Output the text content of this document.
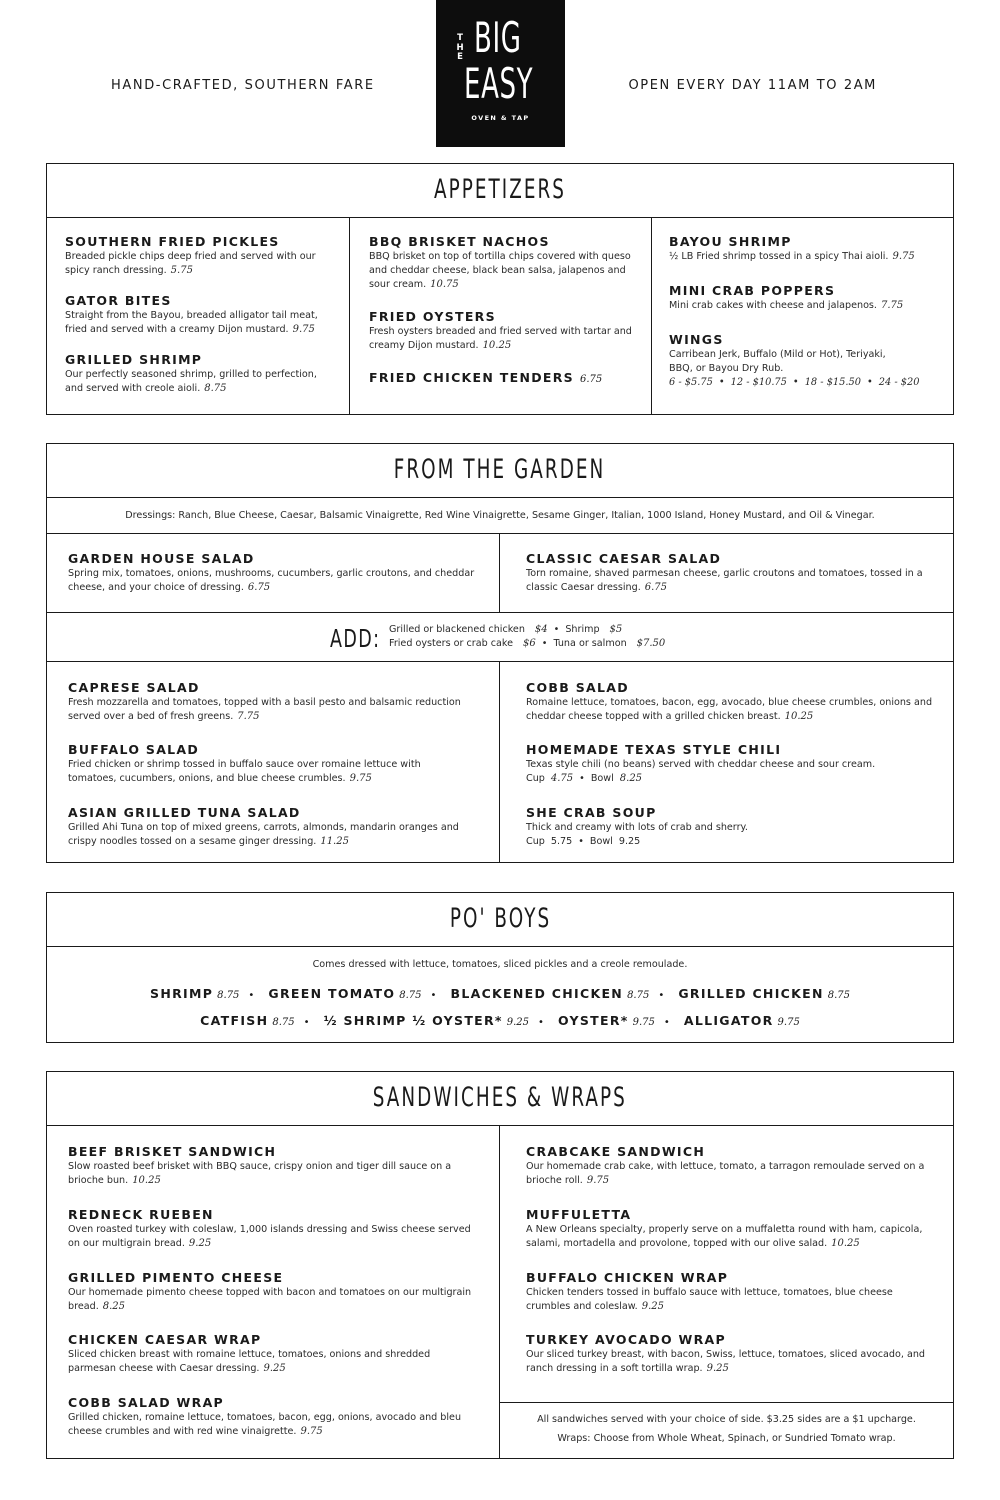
HAND-CRAFTED, SOUTHERN FARE
T
H
E BIG
EASY
OVEN & TAP
OPEN EVERY DAY 11AM TO 2AM
APPETIZERS
SOUTHERN FRIED PICKLES
Breaded pickle chips deep fried and served with our spicy ranch dressing. 5.75
GATOR BITES
Straight from the Bayou, breaded alligator tail meat, fried and served with a creamy Dijon mustard. 9.75
GRILLED SHRIMP
Our perfectly seasoned shrimp, grilled to perfection, and served with creole aioli. 8.75
BBQ BRISKET NACHOS
BBQ brisket on top of tortilla chips covered with queso and cheddar cheese, black bean salsa, jalapenos and sour cream. 10.75
FRIED OYSTERS
Fresh oysters breaded and fried served with tartar and creamy Dijon mustard. 10.25
FRIED CHICKEN TENDERS 6.75
BAYOU SHRIMP
½ LB Fried shrimp tossed in a spicy Thai aioli. 9.75
MINI CRAB POPPERS
Mini crab cakes with cheese and jalapenos. 7.75
WINGS
Carribean Jerk, Buffalo (Mild or Hot), Teriyaki, BBQ, or Bayou Dry Rub.
6 - $5.75 • 12 - $10.75 • 18 - $15.50 • 24 - $20
FROM THE GARDEN
Dressings: Ranch, Blue Cheese, Caesar, Balsamic Vinaigrette, Red Wine Vinaigrette, Sesame Ginger, Italian, 1000 Island, Honey Mustard, and Oil & Vinegar.
GARDEN HOUSE SALAD
Spring mix, tomatoes, onions, mushrooms, cucumbers, garlic croutons, and cheddar cheese, and your choice of dressing. 6.75
CLASSIC CAESAR SALAD
Torn romaine, shaved parmesan cheese, garlic croutons and tomatoes, tossed in a classic Caesar dressing. 6.75
ADD: Grilled or blackened chicken $4 • Shrimp $5
Fried oysters or crab cake $6 • Tuna or salmon $7.50
CAPRESE SALAD
Fresh mozzarella and tomatoes, topped with a basil pesto and balsamic reduction served over a bed of fresh greens. 7.75
BUFFALO SALAD
Fried chicken or shrimp tossed in buffalo sauce over romaine lettuce with tomatoes, cucumbers, onions, and blue cheese crumbles. 9.75
ASIAN GRILLED TUNA SALAD
Grilled Ahi Tuna on top of mixed greens, carrots, almonds, mandarin oranges and crispy noodles tossed on a sesame ginger dressing. 11.25
COBB SALAD
Romaine lettuce, tomatoes, bacon, egg, avocado, blue cheese crumbles, onions and cheddar cheese topped with a grilled chicken breast. 10.25
HOMEMADE TEXAS STYLE CHILI
Texas style chili (no beans) served with cheddar cheese and sour cream.
Cup 4.75 • Bowl 8.25
SHE CRAB SOUP
Thick and creamy with lots of crab and sherry.
Cup 5.75 • Bowl 9.25
PO' BOYS
Comes dressed with lettuce, tomatoes, sliced pickles and a creole remoulade.
SHRIMP 8.75 • GREEN TOMATO 8.75 • BLACKENED CHICKEN 8.75 • GRILLED CHICKEN 8.75
CATFISH 8.75 • ½ SHRIMP ½ OYSTER* 9.25 • OYSTER* 9.75 • ALLIGATOR 9.75
SANDWICHES & WRAPS
BEEF BRISKET SANDWICH
Slow roasted beef brisket with BBQ sauce, crispy onion and tiger dill sauce on a brioche bun. 10.25
REDNECK RUEBEN
Oven roasted turkey with coleslaw, 1,000 islands dressing and Swiss cheese served on our multigrain bread. 9.25
GRILLED PIMENTO CHEESE
Our homemade pimento cheese topped with bacon and tomatoes on our multigrain bread. 8.25
CHICKEN CAESAR WRAP
Sliced chicken breast with romaine lettuce, tomatoes, onions and shredded parmesan cheese with Caesar dressing. 9.25
COBB SALAD WRAP
Grilled chicken, romaine lettuce, tomatoes, bacon, egg, onions, avocado and bleu cheese crumbles and with red wine vinaigrette. 9.75
CRABCAKE SANDWICH
Our homemade crab cake, with lettuce, tomato, a tarragon remoulade served on a brioche roll. 9.75
MUFFULETTA
A New Orleans specialty, properly serve on a muffaletta round with ham, capicola, salami, mortadella and provolone, topped with our olive salad. 10.25
BUFFALO CHICKEN WRAP
Chicken tenders tossed in buffalo sauce with lettuce, tomatoes, blue cheese crumbles and coleslaw. 9.25
TURKEY AVOCADO WRAP
Our sliced turkey breast, with bacon, Swiss, lettuce, tomatoes, sliced avocado, and ranch dressing in a soft tortilla wrap. 9.25
All sandwiches served with your choice of side. $3.25 sides are a $1 upcharge.
Wraps: Choose from Whole Wheat, Spinach, or Sundried Tomato wrap.
